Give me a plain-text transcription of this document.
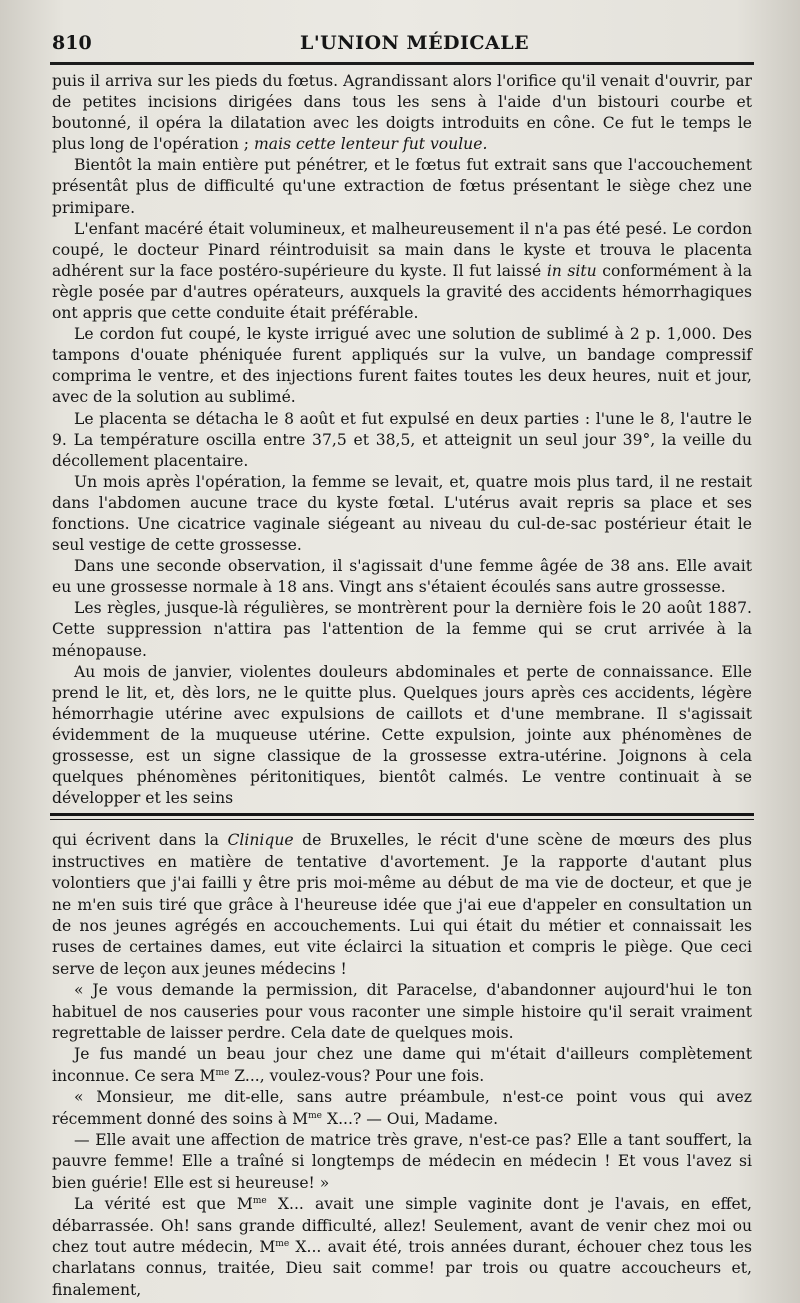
810	L'UNION MÉDICALE

puis il arriva sur les pieds du fœtus. Agrandissant alors l'orifice qu'il venait d'ouvrir, par de petites incisions dirigées dans tous les sens à l'aide d'un bistouri courbe et boutonné, il opéra la dilatation avec les doigts introduits en cône. Ce fut le temps le plus long de l'opération ; mais cette lenteur fut voulue.

Bientôt la main entière put pénétrer, et le fœtus fut extrait sans que l'accouchement présentât plus de difficulté qu'une extraction de fœtus présentant le siège chez une primipare.

L'enfant macéré était volumineux, et malheureusement il n'a pas été pesé. Le cordon coupé, le docteur Pinard réintroduisit sa main dans le kyste et trouva le placenta adhérent sur la face postéro-supérieure du kyste. Il fut laissé in situ conformément à la règle posée par d'autres opérateurs, auxquels la gravité des accidents hémorrhagiques ont appris que cette conduite était préférable.

Le cordon fut coupé, le kyste irrigué avec une solution de sublimé à 2 p. 1,000. Des tampons d'ouate phéniquée furent appliqués sur la vulve, un bandage compressif comprima le ventre, et des injections furent faites toutes les deux heures, nuit et jour, avec de la solution au sublimé.

Le placenta se détacha le 8 août et fut expulsé en deux parties : l'une le 8, l'autre le 9. La température oscilla entre 37,5 et 38,5, et atteignit un seul jour 39°, la veille du décollement placentaire.

Un mois après l'opération, la femme se levait, et, quatre mois plus tard, il ne restait dans l'abdomen aucune trace du kyste fœtal. L'utérus avait repris sa place et ses fonctions. Une cicatrice vaginale siégeant au niveau du cul-de-sac postérieur était le seul vestige de cette grossesse.

Dans une seconde observation, il s'agissait d'une femme âgée de 38 ans. Elle avait eu une grossesse normale à 18 ans. Vingt ans s'étaient écoulés sans autre grossesse.

Les règles, jusque-là régulières, se montrèrent pour la dernière fois le 20 août 1887. Cette suppression n'attira pas l'attention de la femme qui se crut arrivée à la ménopause.

Au mois de janvier, violentes douleurs abdominales et perte de connaissance. Elle prend le lit, et, dès lors, ne le quitte plus. Quelques jours après ces accidents, légère hémorrhagie utérine avec expulsions de caillots et d'une membrane. Il s'agissait évidemment de la muqueuse utérine. Cette expulsion, jointe aux phénomènes de grossesse, est un signe classique de la grossesse extra-utérine. Joignons à cela quelques phénomènes péritonitiques, bientôt calmés. Le ventre continuait à se développer et les seins

qui écrivent dans la Clinique de Bruxelles, le récit d'une scène de mœurs des plus instructives en matière de tentative d'avortement. Je la rapporte d'autant plus volontiers que j'ai failli y être pris moi-même au début de ma vie de docteur, et que je ne m'en suis tiré que grâce à l'heureuse idée que j'ai eue d'appeler en consultation un de nos jeunes agrégés en accouchements. Lui qui était du métier et connaissait les ruses de certaines dames, eut vite éclairci la situation et compris le piège. Que ceci serve de leçon aux jeunes médecins !

« Je vous demande la permission, dit Paracelse, d'abandonner aujourd'hui le ton habituel de nos causeries pour vous raconter une simple histoire qu'il serait vraiment regrettable de laisser perdre. Cela date de quelques mois.

Je fus mandé un beau jour chez une dame qui m'était d'ailleurs complètement inconnue. Ce sera $M^{me}$ Z..., voulez-vous? Pour une fois.

« Monsieur, me dit-elle, sans autre préambule, n'est-ce point vous qui avez récemment donné des soins à $M^{me}$ X...? — Oui, Madame.

— Elle avait une affection de matrice très grave, n'est-ce pas? Elle a tant souffert, la pauvre femme! Elle a traîné si longtemps de médecin en médecin ! Et vous l'avez si bien guérie! Elle est si heureuse! »

La vérité est que $M^{me}$ X... avait une simple vaginite dont je l'avais, en effet, débarrassée. Oh! sans grande difficulté, allez! Seulement, avant de venir chez moi ou chez tout autre médecin, $M^{me}$ X... avait été, trois années durant, échouer chez tous les charlatans connus, traitée, Dieu sait comme! par trois ou quatre accoucheurs et, finalement,
